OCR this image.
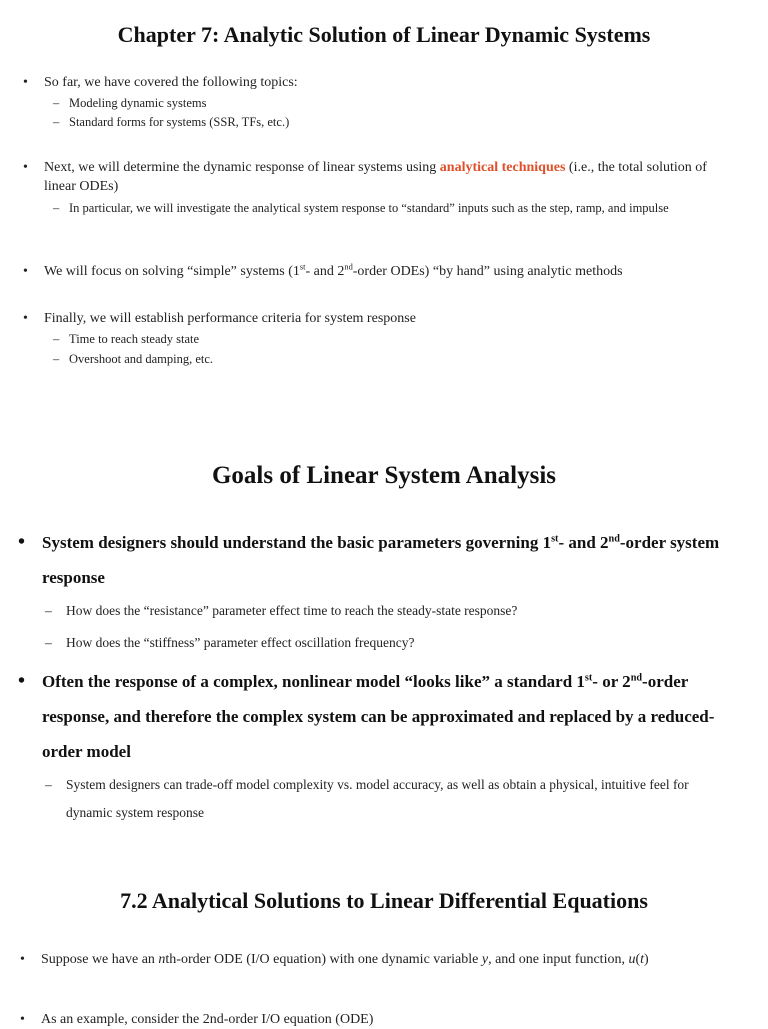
Chapter 7: Analytic Solution of Linear Dynamic Systems
• So far, we have covered the following topics:
– Modeling dynamic systems
– Standard forms for systems (SSR, TFs, etc.)
• Next, we will determine the dynamic response of linear systems using analytical techniques (i.e., the total solution of linear ODEs)
– In particular, we will investigate the analytical system response to “standard” inputs such as the step, ramp, and impulse
• We will focus on solving “simple” systems (1st- and 2nd-order ODEs) “by hand” using analytic methods
• Finally, we will establish performance criteria for system response
– Time to reach steady state
– Overshoot and damping, etc.
Goals of Linear System Analysis
• System designers should understand the basic parameters governing 1st- and 2nd-order system response
– How does the “resistance” parameter effect time to reach the steady-state response?
– How does the “stiffness” parameter effect oscillation frequency?
• Often the response of a complex, nonlinear model “looks like” a standard 1st- or 2nd-order response, and therefore the complex system can be approximated and replaced by a reduced-order model
– System designers can trade-off model complexity vs. model accuracy, as well as obtain a physical, intuitive feel for dynamic system response
7.2 Analytical Solutions to Linear Differential Equations
• Suppose we have an nth-order ODE (I/O equation) with one dynamic variable y, and one input function, u(t)
• As an example, consider the 2nd-order I/O equation (ODE)
